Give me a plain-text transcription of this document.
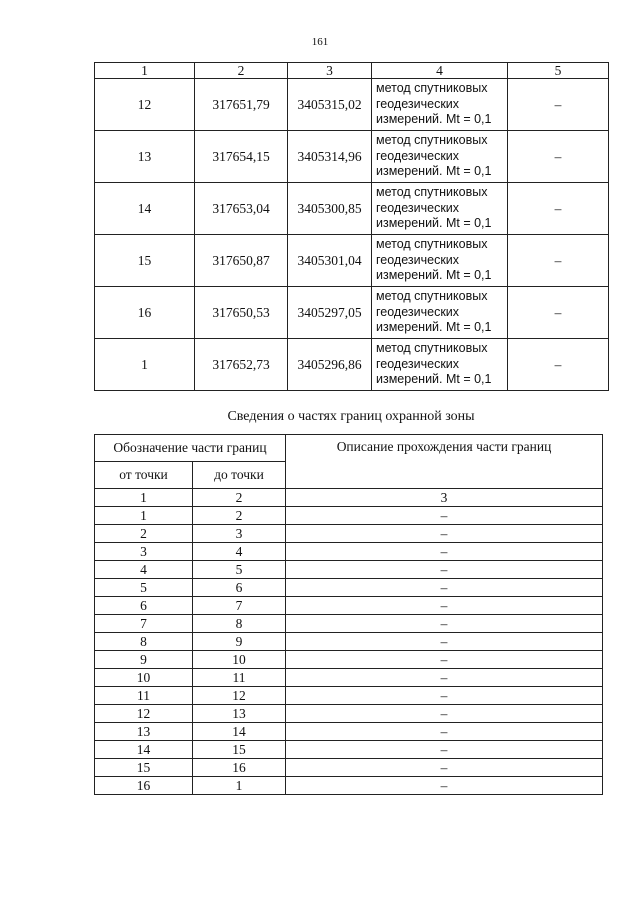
161
1	2	3	4	5
12	317651,79	3405315,02	метод спутниковых
геодезических
измерений. Mt = 0,1	–
13	317654,15	3405314,96	метод спутниковых
геодезических
измерений. Mt = 0,1	–
14	317653,04	3405300,85	метод спутниковых
геодезических
измерений. Mt = 0,1	–
15	317650,87	3405301,04	метод спутниковых
геодезических
измерений. Mt = 0,1	–
16	317650,53	3405297,05	метод спутниковых
геодезических
измерений. Mt = 0,1	–
1	317652,73	3405296,86	метод спутниковых
геодезических
измерений. Mt = 0,1	–
Сведения о частях границ охранной зоны
Обозначение части границ		Описание прохождения части границ
от точки	до точки	
1	2	3
1	2	–
2	3	–
3	4	–
4	5	–
5	6	–
6	7	–
7	8	–
8	9	–
9	10	–
10	11	–
11	12	–
12	13	–
13	14	–
14	15	–
15	16	–
16	1	–
